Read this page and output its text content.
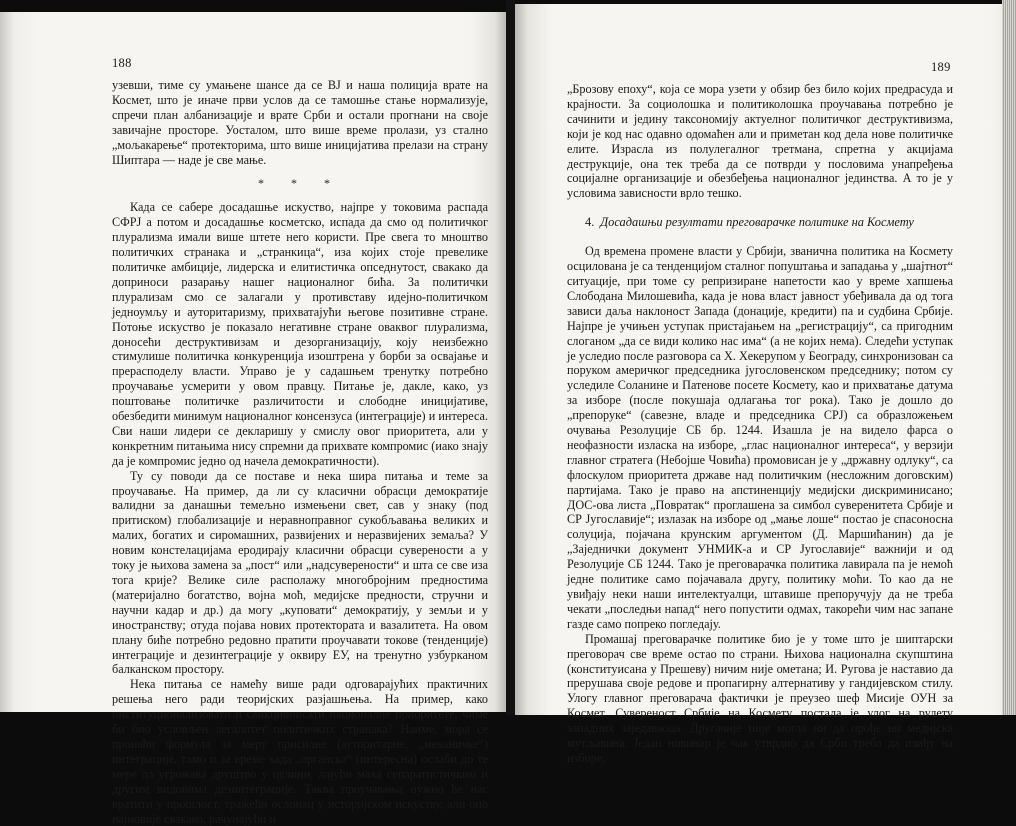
188

узевши, тиме су умањене шансе да се ВЈ и наша полиција врате на Космет, што је иначе први услов да се тамошње стање нормализује, спречи план албанизације и врате Срби и остали прогнани на своје завичајне просторе. Уосталом, што више време пролази, уз стално „мољакарење“ протекторима, што више иницијатива прелази на страну Шиптара — наде је све мање.

* * *

Када се сабере досадашње искуство, најпре у токовима распада СФРЈ а потом и досадашње косметско, испада да смо од политичког плурализма имали више штете него користи. Пре свега то мноштво политичких странака и „странкица“, иза којих стоје превелике политичке амбиције, лидерска и елитистичка опседнутост, свакако да доприноси разарању нашег националног бића. За политички плурализам смо се залагали у противставу идејно-политичком једноумљу и ауторитаризму, прихватајући његове позитивне стране. Потоње искуство је показало негативне стране оваквог плурализма, доносећи деструктивизам и дезорганизацију, коју неизбежно стимулише политичка конкуренција изоштрена у борби за освајање и прерасподелу власти. Управо је у садашњем тренутку потребно проучавање усмерити у овом правцу. Питање је, дакле, како, уз поштовање политичке различитости и слободне иницијативе, обезбедити минимум националног консензуса (интеграције) и интереса. Сви наши лидери се декларишу у смислу овог приоритета, али у конкретним питањима нису спремни да прихвате компромис (иако знају да је компромис једно од начела демократичности).

Ту су поводи да се поставе и нека шира питања и теме за проучавање. На пример, да ли су класични обрасци демократије валидни за данашњи темељно измењени свет, сав у знаку (под притиском) глобализације и неравноправног сукобљавања великих и малих, богатих и сиромашних, развијених и неразвијених земаља? У новим констелацијама еродирају класични обрасци суверености а у току је њихова замена за „пост“ или „надсуверености“ и шта се све иза тога крије? Велике силе располажу многобројним предностима (материјално богатство, војна моћ, медијске предности, стручни и научни кадар и др.) да могу „куповати“ демократију, у земљи и у иностранству; отуда појава нових протектората и вазалитета. На овом плану биће потребно редовно пратити проучавати токове (тенденције) интеграције и дезинтеграције у оквиру ЕУ, на тренутно узбурканом балканском простору.

Нека питања се намећу више ради одговарајућих практичних решења него ради теоријских разјашњења. На пример, како институционализовати и санкционисати националне приоритете, чиме би био условљен легалитет политичких странака? Наиме, мора се пронаћи формула за меру присилне (ауторитарне, „механичке“) интеграције, тамо и за време када „органска“ (интересна) ослаби до те мере да угрожава друштво у целини, дајући маха сепаратистичким и другим видовима дезинтеграције. Таква проучавања нужно ће нас вратити у прошлост, тражећи ослонац у историјском искуству, али оно најновије свакако, рачунајући и

189

„Брозову епоху“, која се мора узети у обзир без било којих предрасуда и крајности. За социолошка и политиколошка проучавања потребно је сачинити и једину таксономију актуелног политичког деструктивизма, који је код нас одавно одомаћен али и приметан код дела нове политичке елите. Израсла из полулегалног третмана, спретна у акцијама деструкције, она тек треба да се потврди у пословима унапређења социјалне организације и обезбеђења националног јединства. А то је у условима зависности врло тешко.

4. Досадашњи резултати преговарачке политике на Космету

Од времена промене власти у Србији, званична политика на Космету осцилована је са тенденцијом сталног попуштања и западања у „шајтнот“ ситуације, при томе су репризиране напетости као у време хапшења Слободана Милошевића, када је нова власт јавност убеђивала да од тога зависи даља наклоност Запада (донације, кредити) па и судбина Србије. Најпре је учињен уступак пристајањем на „регистрацију“, са пригодним слоганом „да се види колико нас има“ (а не којих нема). Следећи уступак је уследио после разговора са Х. Хекерупом у Београду, синхронизован са поруком америчког председника југословенском председнику; потом су уследиле Соланине и Патенове посете Космету, као и прихватање датума за изборе (после покушаја одлагања тог рока). Тако је дошло до „препоруке“ (савезне, владе и председника СРЈ) са образложењем очувања Резолуције СБ бр. 1244. Изашла је на видело фарса о неофазности изласка на изборе, „глас националног интереса“, у верзији главног стратега (Небојше Човића) промовисан је у „државну одлуку“, са флоскулом приоритета државе над политичким (несложним договским) партијама. Тако је право на апстиненцију медијски дискриминисано; ДОС-ова листа „Повратак“ проглашена за симбол суверенитета Србије и СР Југославије“; излазак на изборе од „мање лоше“ постао је спасоносна солуција, појачана крунским аргументом (Д. Маршићанин) да је „Заједнички документ УНМИК-а и СР Југославије“ важнији и од Резолуције СБ 1244. Тако је преговарачка политика лавирала па је немоћ једне политике само појачавала другу, политику моћи. То као да не увиђају неки наши интелектуалци, штавише препоручују да не треба чекати „последњи напад“ него попустити одмах, такорећи чим нас запане газде само попреко погледају.

Промашај преговарачке политике био је у томе што је шиптарски преговорач све време остао по страни. Њихова национална скупштина (конституисана у Прешеву) ничим није ометана; И. Ругова је наставио да прерушава своје редове и пропагирну алтернативу у гандијевском стилу. Улогу главног преговарача фактички је преузео шеф Мисије ОУН за Космет. Сувереност Србије на Космету постала је улог на рулету западних заједаваоца. Другачије није могла ни да прође ни медијска мутљавина. Један новинар је чак утврдио да Срби треба да изиђу на изборе,
